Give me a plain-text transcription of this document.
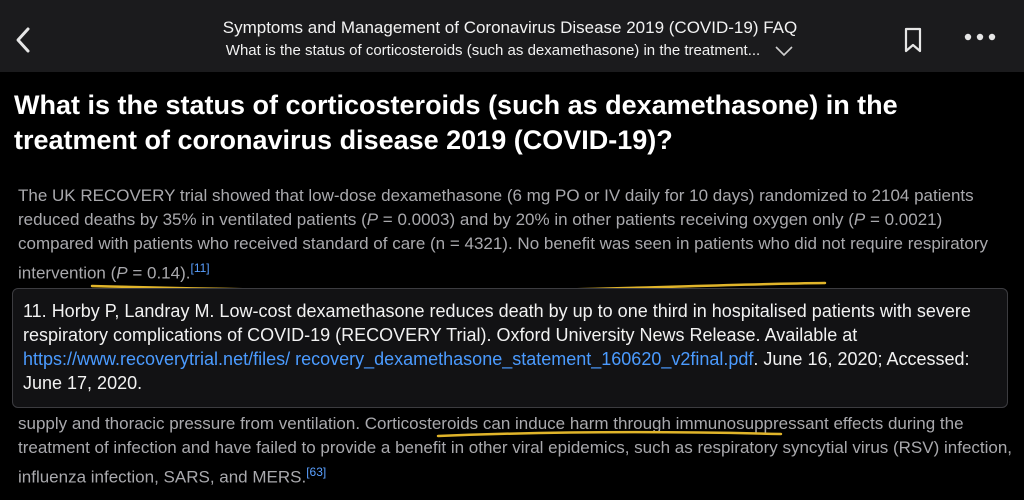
Symptoms and Management of Coronavirus Disease 2019 (COVID-19) FAQ
What is the status of corticosteroids (such as dexamethasone) in the treatment...
What is the status of corticosteroids (such as dexamethasone) in the treatment of coronavirus disease 2019 (COVID-19)?
The UK RECOVERY trial showed that low-dose dexamethasone (6 mg PO or IV daily for 10 days) randomized to 2104 patients reduced deaths by 35% in ventilated patients (P = 0.0003) and by 20% in other patients receiving oxygen only (P = 0.0021) compared with patients who received standard of care (n = 4321). No benefit was seen in patients who did not require respiratory intervention (P = 0.14).[11]
11. Horby P, Landray M. Low-cost dexamethasone reduces death by up to one third in hospitalised patients with severe respiratory complications of COVID-19 (RECOVERY Trial). Oxford University News Release. Available at https://www.recoverytrial.net/files/ recovery_dexamethasone_statement_160620_v2final.pdf. June 16, 2020; Accessed: June 17, 2020.
supply and thoracic pressure from ventilation. Corticosteroids can induce harm through immunosuppressant effects during the treatment of infection and have failed to provide a benefit in other viral epidemics, such as respiratory syncytial virus (RSV) infection, influenza infection, SARS, and MERS.[63]
